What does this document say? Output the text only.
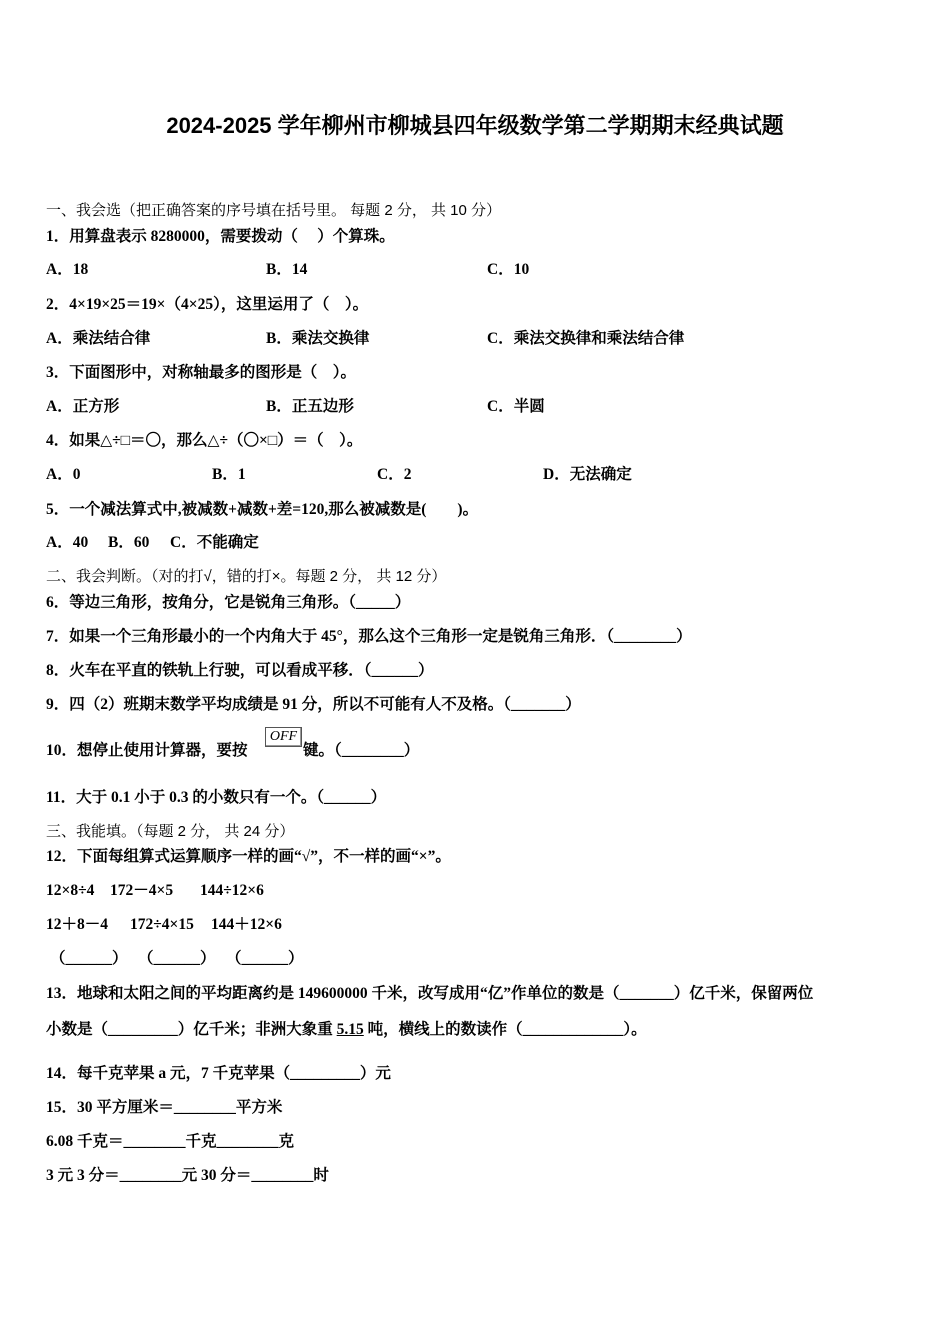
2024-2025 学年柳州市柳城县四年级数学第二学期期末经典试题
一、我会选（把正确答案的序号填在括号里。 每题 2 分， 共 10 分）
1．用算盘表示 8280000，需要拨动（　 ）个算珠。
A．18	B．14	C．10
2．4×19×25＝19×（4×25），这里运用了（　）。
A．乘法结合律	B．乘法交换律	C．乘法交换律和乘法结合律
3．下面图形中，对称轴最多的图形是（　）。
A．正方形	B．正五边形	C．半圆
4．如果△÷□＝〇，那么△÷（〇×□）＝（　）。
A．0	B．1	C．2	D．无法确定
5．一个减法算式中,被减数+减数+差=120,那么被减数是(　　)。
A．40 B．60 C．不能确定
二、我会判断。（对的打√，错的打×。每题 2 分， 共 12 分）
6．等边三角形，按角分，它是锐角三角形。（_____）
7．如果一个三角形最小的一个内角大于 45°，那么这个三角形一定是锐角三角形．（________）
8．火车在平直的铁轨上行驶，可以看成平移．（______）
9．四（2）班期末数学平均成绩是 91 分，所以不可能有人不及格。（_______）
10．想停止使用计算器，要按
OFF
键。（________）
11．大于 0.1 小于 0.3 的小数只有一个。（______）
三、我能填。（每题 2 分， 共 24 分）
12．下面每组算式运算顺序一样的画“√”，不一样的画“×”。
12×8÷4 172－4×5 144÷12×6
12＋8－4 172÷4×15 144＋12×6
（______） （______） （______）
13．地球和太阳之间的平均距离约是 149600000 千米，改写成用“亿”作单位的数是（_______）亿千米，保留两位
小数是（_________）亿千米；非洲大象重 5.15 吨，横线上的数读作（_____________）。
14．每千克苹果 a 元，7 千克苹果（_________）元
15．30 平方厘米＝________平方米
6.08 千克＝________千克________克
3 元 3 分＝________元 30 分＝________时
